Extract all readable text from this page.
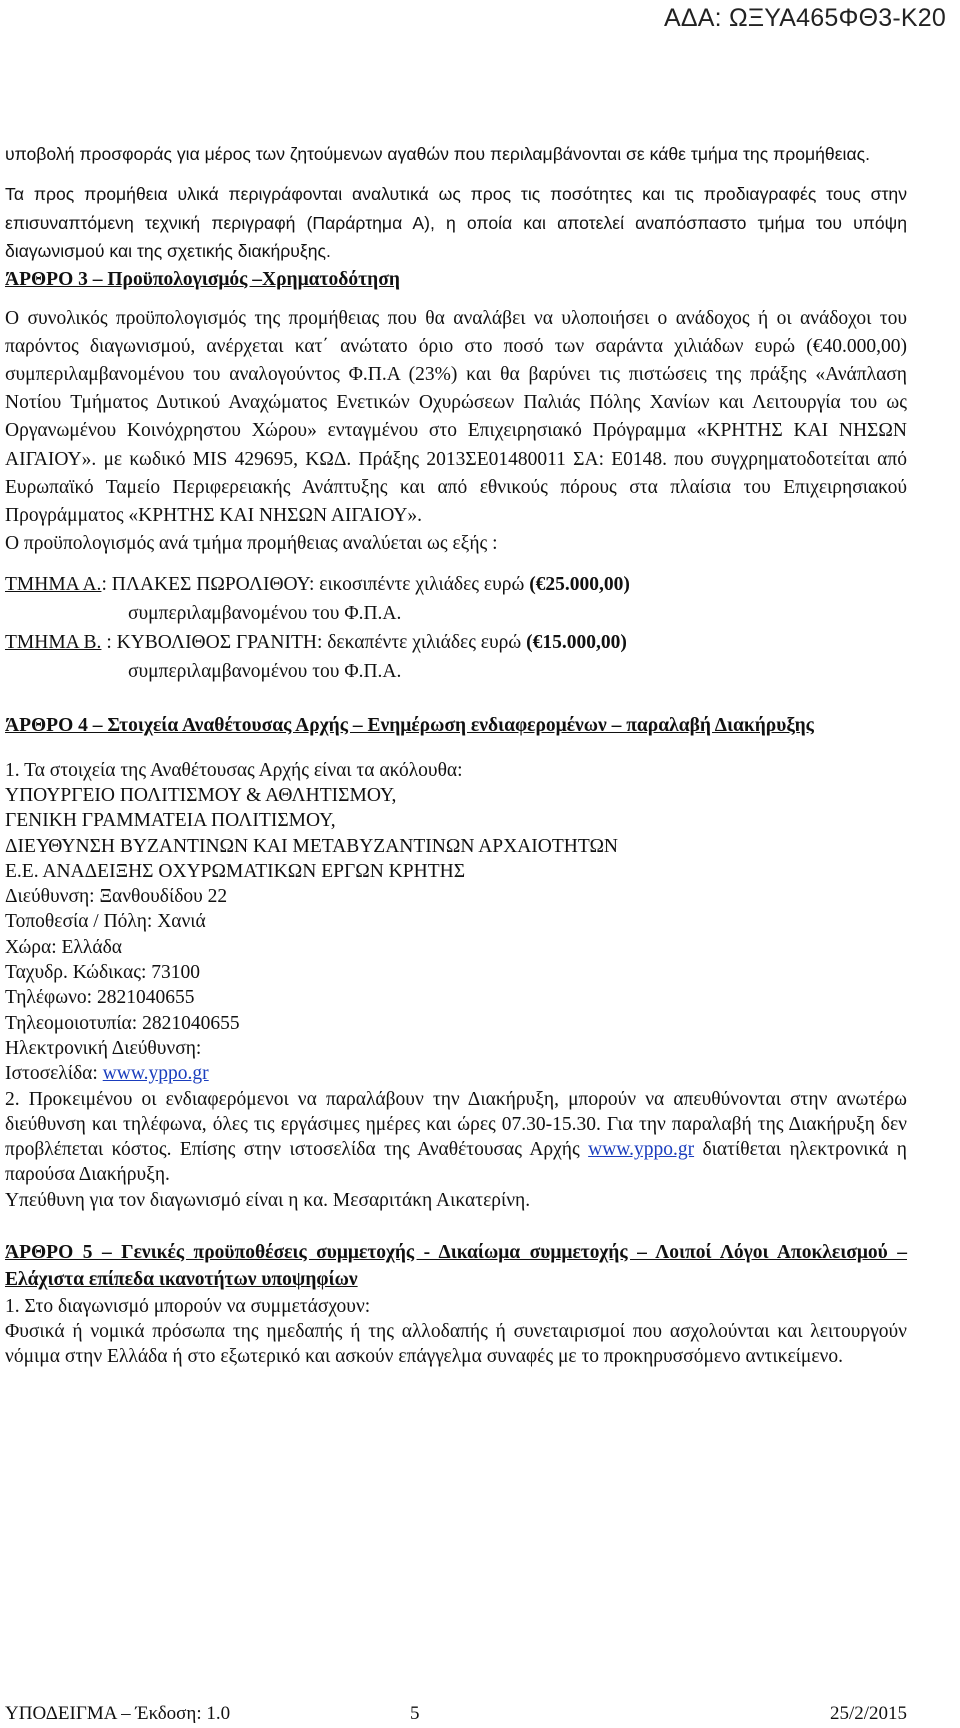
ΑΔΑ: ΩΞΥΑ465ΦΘ3-Κ20

υποβολή προσφοράς για μέρος των ζητούμενων αγαθών που περιλαμβάνονται σε κάθε τμήμα της προμήθειας.

Τα προς προμήθεια υλικά περιγράφονται αναλυτικά ως προς τις ποσότητες και τις προδιαγραφές τους στην επισυναπτόμενη τεχνική περιγραφή (Παράρτημα Α), η οποία και αποτελεί αναπόσπαστο τμήμα του υπόψη διαγωνισμού και της σχετικής διακήρυξης.

ΆΡΘΡΟ 3 – Προϋπολογισμός –Χρηματοδότηση

Ο συνολικός προϋπολογισμός της προμήθειας που θα αναλάβει να υλοποιήσει ο ανάδοχος ή οι ανάδοχοι του παρόντος διαγωνισμού, ανέρχεται κατ΄ ανώτατο όριο στο ποσό των σαράντα χιλιάδων ευρώ (€40.000,00) συμπεριλαμβανομένου του αναλογούντος Φ.Π.Α (23%) και θα βαρύνει τις πιστώσεις της πράξης «Ανάπλαση Νοτίου Τμήματος Δυτικού Αναχώματος Ενετικών Οχυρώσεων Παλιάς Πόλης Χανίων και Λειτουργία του ως Οργανωμένου Κοινόχρηστου Χώρου» ενταγμένου στο Επιχειρησιακό Πρόγραμμα «ΚΡΗΤΗΣ ΚΑΙ ΝΗΣΩΝ ΑΙΓΑΙΟΥ». με κωδικό MIS 429695, ΚΩΔ. Πράξης 2013ΣΕ01480011 ΣΑ: Ε0148. που συγχρηματοδοτείται από Ευρωπαϊκό Ταμείο Περιφερειακής Ανάπτυξης και από εθνικούς πόρους στα πλαίσια του Επιχειρησιακού Προγράμματος «ΚΡΗΤΗΣ ΚΑΙ ΝΗΣΩΝ ΑΙΓΑΙΟΥ».

Ο προϋπολογισμός ανά τμήμα προμήθειας αναλύεται ως εξής :

ΤΜΗΜΑ Α.: ΠΛΑΚΕΣ ΠΩΡΟΛΙΘΟΥ: εικοσιπέντε χιλιάδες ευρώ (€25.000,00)

συμπεριλαμβανομένου του Φ.Π.Α.

ΤΜΗΜΑ Β. : ΚΥΒΟΛΙΘΟΣ ΓΡΑΝΙΤΗ: δεκαπέντε χιλιάδες ευρώ (€15.000,00)

συμπεριλαμβανομένου του Φ.Π.Α.

ΆΡΘΡΟ 4 – Στοιχεία Αναθέτουσας Αρχής – Ενημέρωση ενδιαφερομένων – παραλαβή Διακήρυξης

1. Τα στοιχεία της Αναθέτουσας Αρχής είναι τα ακόλουθα:

ΥΠΟΥΡΓΕΙΟ ΠΟΛΙΤΙΣΜΟΥ & ΑΘΛΗΤΙΣΜΟΥ,

ΓΕΝΙΚΗ ΓΡΑΜΜΑΤΕΙΑ ΠΟΛΙΤΙΣΜΟΥ,

ΔΙΕΥΘΥΝΣΗ ΒΥΖΑΝΤΙΝΩΝ ΚΑΙ ΜΕΤΑΒΥΖΑΝΤΙΝΩΝ ΑΡΧΑΙΟΤΗΤΩΝ

Ε.Ε. ΑΝΑΔΕΙΞΗΣ ΟΧΥΡΩΜΑΤΙΚΩΝ ΕΡΓΩΝ ΚΡΗΤΗΣ

Διεύθυνση: Ξανθουδίδου 22

Τοποθεσία / Πόλη: Χανιά

Χώρα: Ελλάδα

Ταχυδρ. Κώδικας: 73100

Τηλέφωνο: 2821040655

Τηλεομοιοτυπία: 2821040655

Ηλεκτρονική Διεύθυνση:

Ιστοσελίδα: www.yppo.gr

2. Προκειμένου οι ενδιαφερόμενοι να παραλάβουν την Διακήρυξη, μπορούν να απευθύνονται στην ανωτέρω διεύθυνση και τηλέφωνα, όλες τις εργάσιμες ημέρες και ώρες 07.30-15.30. Για την παραλαβή της Διακήρυξη δεν προβλέπεται κόστος. Επίσης στην ιστοσελίδα της Αναθέτουσας Αρχής www.yppo.gr διατίθεται ηλεκτρονικά η παρούσα Διακήρυξη.

Υπεύθυνη για τον διαγωνισμό είναι η κα. Μεσαριτάκη Αικατερίνη.

ΆΡΘΡΟ 5 – Γενικές προϋποθέσεις συμμετοχής - Δικαίωμα συμμετοχής – Λοιποί Λόγοι Αποκλεισμού – Ελάχιστα επίπεδα ικανοτήτων υποψηφίων

1. Στο διαγωνισμό μπορούν να συμμετάσχουν:

Φυσικά ή νομικά πρόσωπα της ημεδαπής ή της αλλοδαπής ή συνεταιρισμοί που ασχολούνται και λειτουργούν νόμιμα στην Ελλάδα ή στο εξωτερικό και ασκούν επάγγελμα συναφές με το προκηρυσσόμενο αντικείμενο.

ΥΠΟΔΕΙΓΜΑ – Έκδοση: 1.0	5	25/2/2015
